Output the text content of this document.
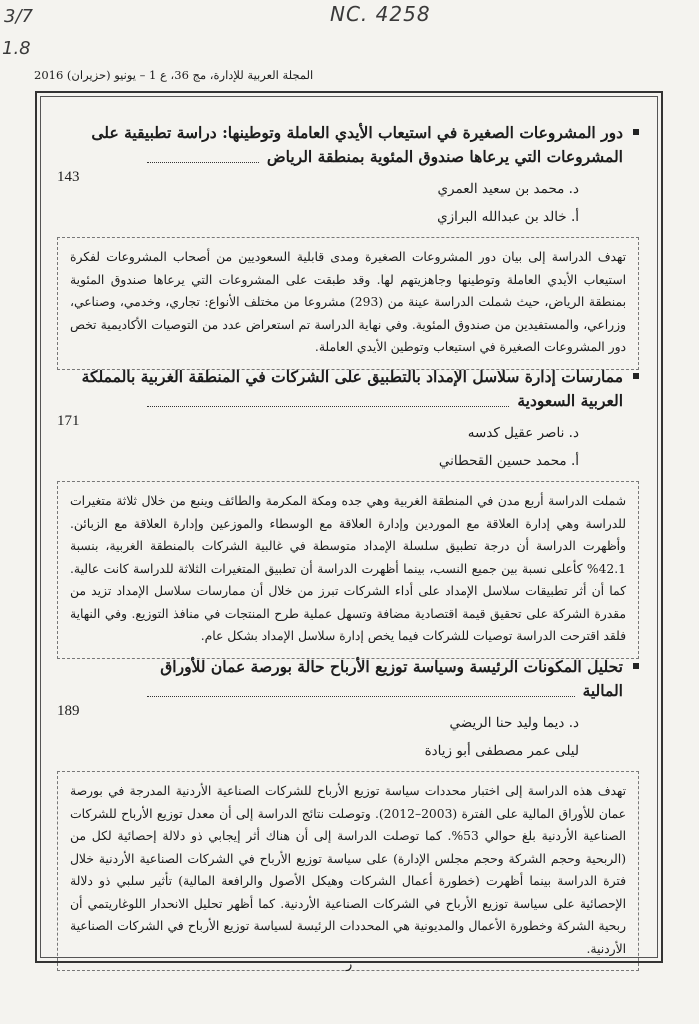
3/7
1.8
NC. 4258
المجلة العربية للإدارة، مج 36، ع 1 – يونيو (حزيران) 2016
دور المشروعات الصغيرة في استيعاب الأيدي العاملة وتوطينها: دراسة تطبيقية على
المشروعات التي يرعاها صندوق المئوية بمنطقة الرياض
143
د. محمد بن سعيد العمري
أ. خالد بن عبدالله البرازي
تهدف الدراسة إلى بيان دور المشروعات الصغيرة ومدى قابلية السعوديين من أصحاب المشروعات لفكرة استيعاب الأيدي العاملة وتوطينها وجاهزيتهم لها. وقد طبقت على المشروعات التي يرعاها صندوق المئوية بمنطقة الرياض، حيث شملت الدراسة عينة من (293) مشروعا من مختلف الأنواع: تجاري، وخدمي، وصناعي، وزراعي، والمستفيدين من صندوق المئوية. وفي نهاية الدراسة تم استعراض عدد من التوصيات الأكاديمية تخص دور المشروعات الصغيرة في استيعاب وتوطين الأيدي العاملة.
ممارسات إدارة سلاسل الإمداد بالتطبيق على الشركات في المنطقة الغربية بالمملكة
العربية السعودية
171
د. ناصر عقيل كدسه
أ. محمد حسين القحطاني
شملت الدراسة أربع مدن في المنطقة الغربية وهي جده ومكة المكرمة والطائف وينبع من خلال ثلاثة متغيرات للدراسة وهي إدارة العلاقة مع الموردين وإدارة العلاقة مع الوسطاء والموزعين وإدارة العلاقة مع الزبائن. وأظهرت الدراسة أن درجة تطبيق سلسلة الإمداد متوسطة في غالبية الشركات بالمنطقة الغربية، بنسبة 42.1% كأعلى نسبة بين جميع النسب، بينما أظهرت الدراسة أن تطبيق المتغيرات الثلاثة للدراسة كانت عالية. كما أن أثر تطبيقات سلاسل الإمداد على أداء الشركات تبرز من خلال أن ممارسات سلاسل الإمداد تزيد من مقدرة الشركة على تحقيق قيمة اقتصادية مضافة وتسهل عملية طرح المنتجات في منافذ التوزيع. وفي النهاية فلقد اقترحت الدراسة توصيات للشركات فيما يخص إدارة سلاسل الإمداد بشكل عام.
تحليل المكونات الرئيسة وسياسة توزيع الأرباح حالة بورصة عمان للأوراق
المالية
189
د. ديما وليد حنا الريضي
ليلى عمر مصطفى أبو زيادة
تهدف هذه الدراسة إلى اختبار محددات سياسة توزيع الأرباح للشركات الصناعية الأردنية المدرجة في بورصة عمان للأوراق المالية على الفترة (2003–2012). وتوصلت نتائج الدراسة إلى أن معدل توزيع الأرباح للشركات الصناعية الأردنية بلغ حوالي 53%. كما توصلت الدراسة إلى أن هناك أثر إيجابي ذو دلالة إحصائية لكل من (الربحية وحجم الشركة وحجم مجلس الإدارة) على سياسة توزيع الأرباح في الشركات الصناعية الأردنية خلال فترة الدراسة بينما أظهرت (خطورة أعمال الشركات وهيكل الأصول والرافعة المالية) تأثير سلبي ذو دلالة الإحصائية على سياسة توزيع الأرباح في الشركات الصناعية الأردنية. كما أظهر تحليل الانحدار اللوغاريتمي أن ربحية الشركة وخطورة الأعمال والمديونية هي المحددات الرئيسة لسياسة توزيع الأرباح في الشركات الصناعية الأردنية.
ز
